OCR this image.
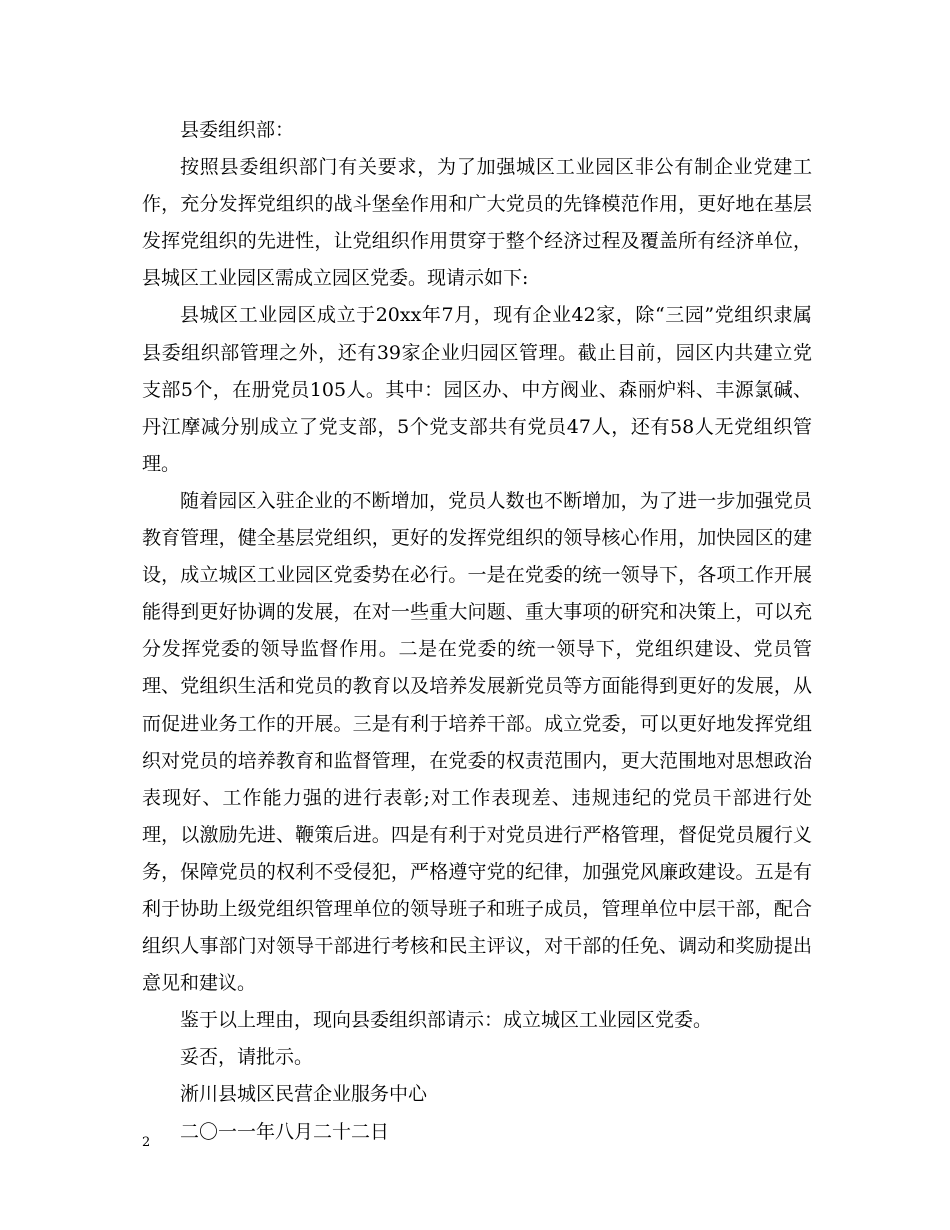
县委组织部：

按照县委组织部门有关要求，为了加强城区工业园区非公有制企业党建工作，充分发挥党组织的战斗堡垒作用和广大党员的先锋模范作用，更好地在基层发挥党组织的先进性，让党组织作用贯穿于整个经济过程及覆盖所有经济单位，县城区工业园区需成立园区党委。现请示如下:

县城区工业园区成立于20xx年7月，现有企业42家，除“三园”党组织隶属县委组织部管理之外，还有39家企业归园区管理。截止目前，园区内共建立党支部5个，在册党员105人。其中：园区办、中方阀业、森丽炉料、丰源氯碱、丹江摩减分别成立了党支部，5个党支部共有党员47人，还有58人无党组织管理。

随着园区入驻企业的不断增加，党员人数也不断增加，为了进一步加强党员教育管理，健全基层党组织，更好的发挥党组织的领导核心作用，加快园区的建设，成立城区工业园区党委势在必行。一是在党委的统一领导下，各项工作开展能得到更好协调的发展，在对一些重大问题、重大事项的研究和决策上，可以充分发挥党委的领导监督作用。二是在党委的统一领导下，党组织建设、党员管理、党组织生活和党员的教育以及培养发展新党员等方面能得到更好的发展，从而促进业务工作的开展。三是有利于培养干部。成立党委，可以更好地发挥党组织对党员的培养教育和监督管理，在党委的权责范围内，更大范围地对思想政治表现好、工作能力强的进行表彰;对工作表现差、违规违纪的党员干部进行处理，以激励先进、鞭策后进。四是有利于对党员进行严格管理，督促党员履行义务，保障党员的权利不受侵犯，严格遵守党的纪律，加强党风廉政建设。五是有利于协助上级党组织管理单位的领导班子和班子成员，管理单位中层干部，配合组织人事部门对领导干部进行考核和民主评议，对干部的任免、调动和奖励提出意见和建议。

鉴于以上理由，现向县委组织部请示：成立城区工业园区党委。

妥否，请批示。

淅川县城区民营企业服务中心

二〇一一年八月二十二日

2
